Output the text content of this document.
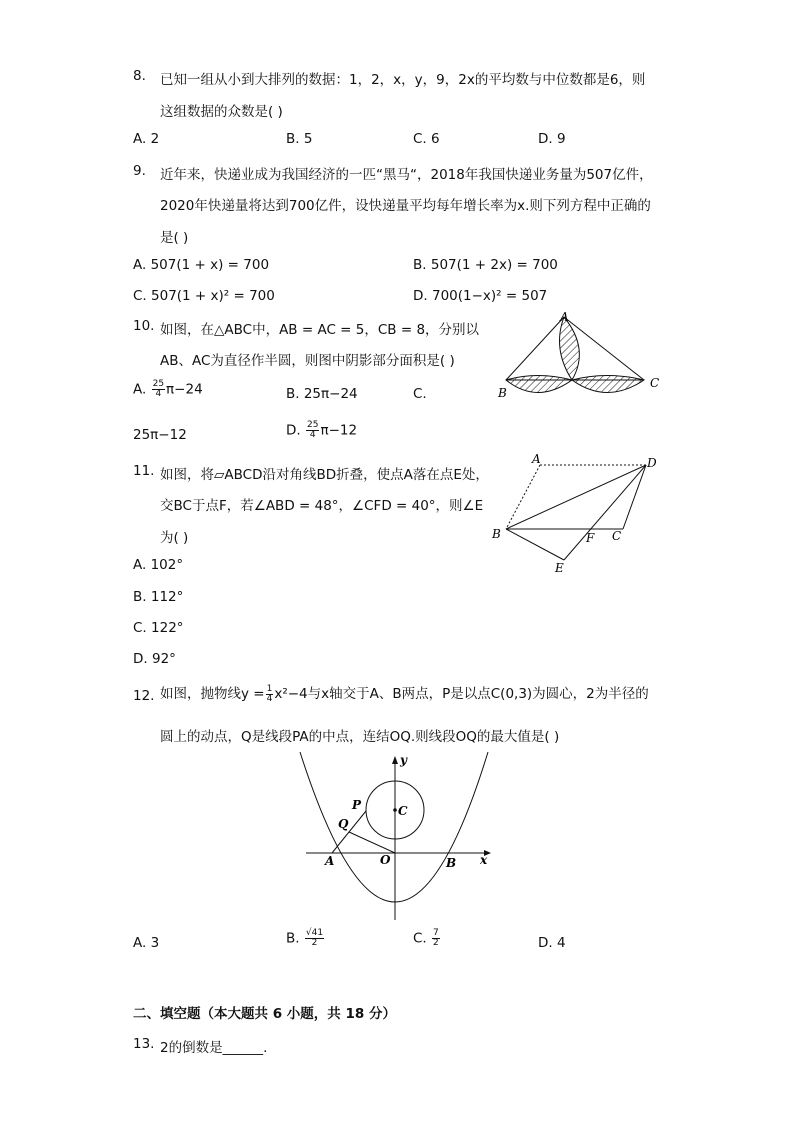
8. 已知一组从小到大排列的数据：1，2，x，y，9，2x的平均数与中位数都是6，则
这组数据的众数是( )
A. 2	B. 5	C. 6	D. 9
9. 近年来，快递业成为我国经济的一匹“黑马“，2018年我国快递业务量为507亿件，
2020年快递量将达到700亿件，设快递量平均每年增长率为x.则下列方程中正确的
是( )
A. 507(1 + x) = 700	B. 507(1 + 2x) = 700
C. 507(1 + x)² = 700	D. 700(1−x)² = 507
10. 如图，在△ABC中，AB = AC = 5，CB = 8，分别以
AB、AC为直径作半圆，则图中阴影部分面积是( )
A. $\frac{25}{4} \pi-24$	B. 25π−24	C.
25π−12	D. $\frac{25}{4} \pi-12$
A
B
C
11. 如图，将▱ABCD沿对角线BD折叠，使点A落在点E处，
交BC于点F，若∠ABD = 48°，∠CFD = 40°，则∠E
为( )
A. 102°
B. 112°
C. 122°
D. 92°
A	D
B	F C
E
12. 如图，抛物线$y = \frac{1}{4} x^2-4$与x轴交于A、B两点，P是以点C(0,3)为圆心，2为半径的
圆上的动点，Q是线段PA的中点，连结OQ.则线段OQ的最大值是( )
y
x
P
Q
C
A	O	B
A. 3	B. $\frac{√41}{2}$	C. $\frac{7}{2}$	D. 4
二、填空题（本大题共 6 小题，共 18 分）
13. 2的倒数是______.
